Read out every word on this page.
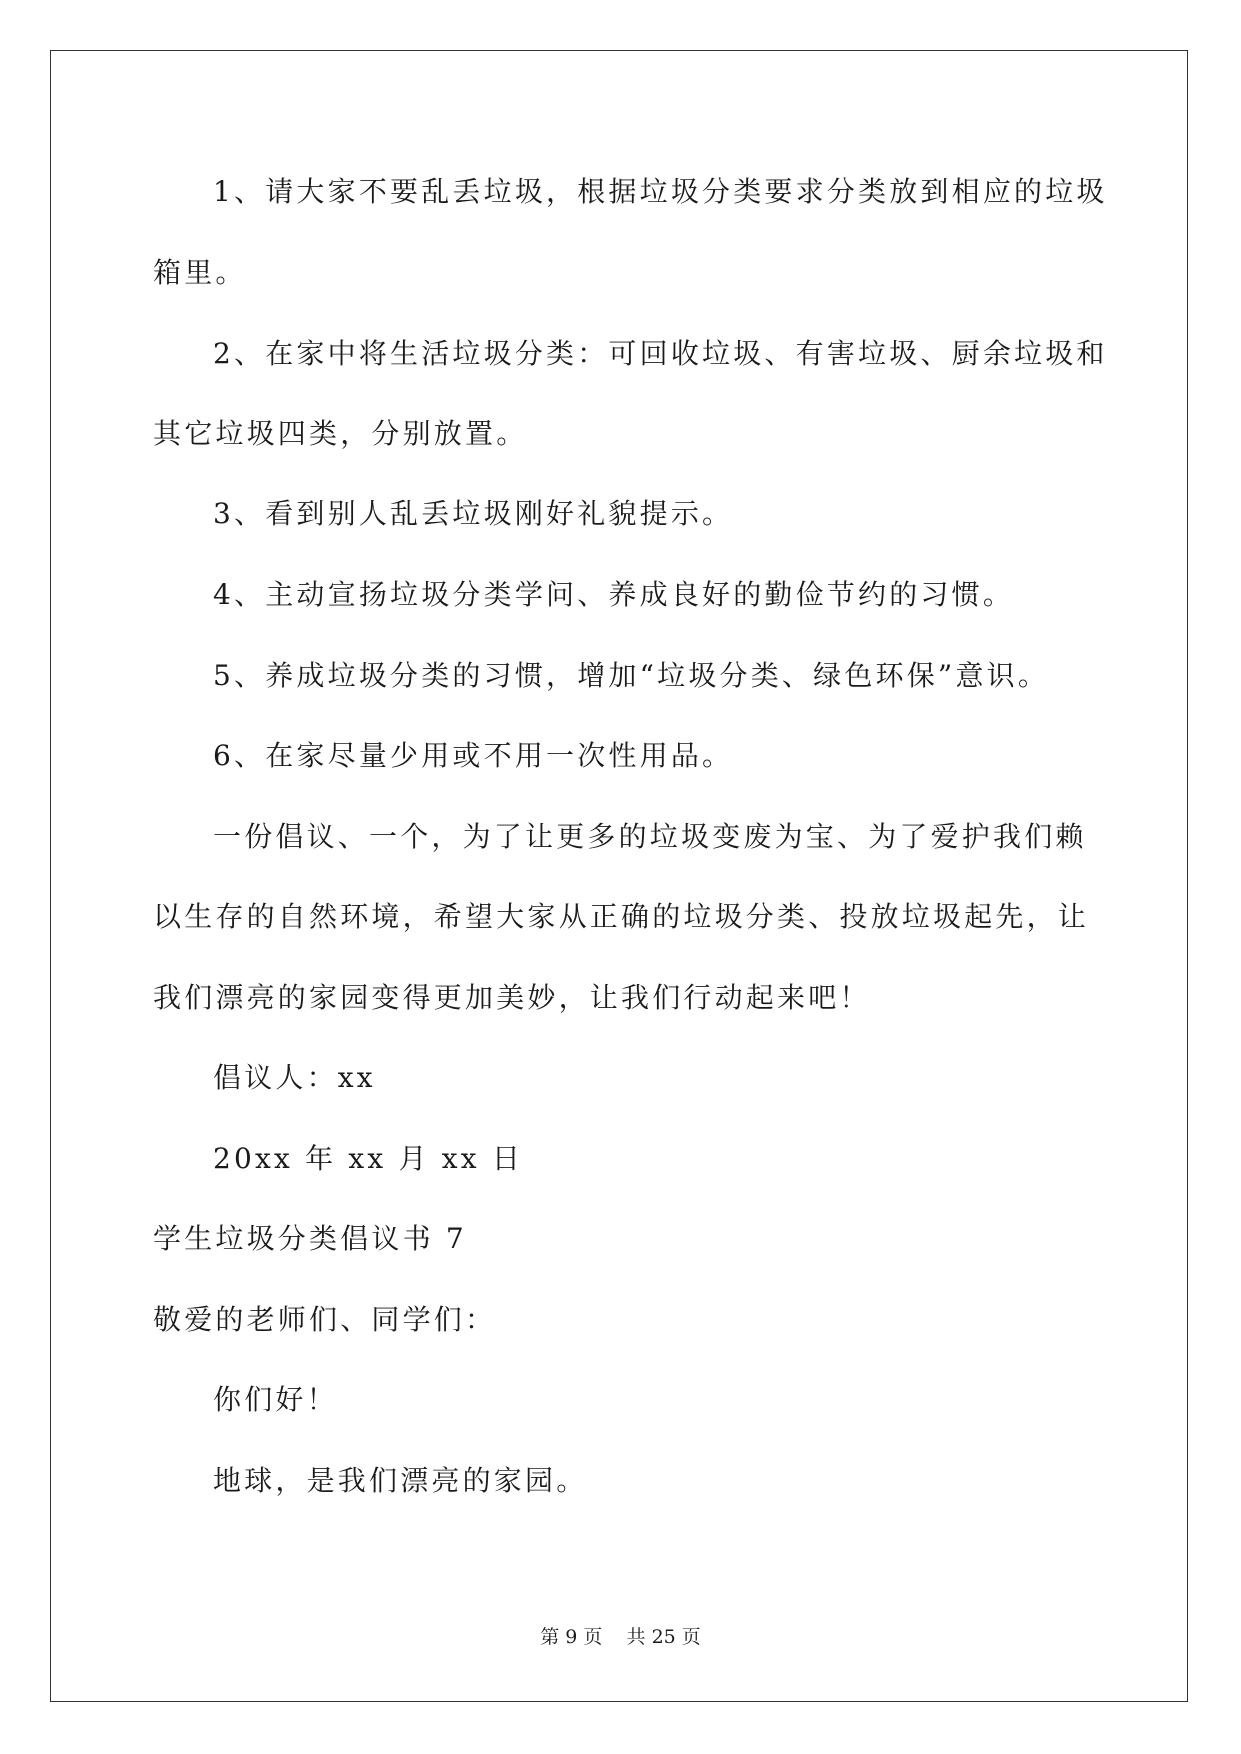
1、请大家不要乱丢垃圾，根据垃圾分类要求分类放到相应的垃圾
箱里。
2、在家中将生活垃圾分类：可回收垃圾、有害垃圾、厨余垃圾和
其它垃圾四类，分别放置。
3、看到别人乱丢垃圾刚好礼貌提示。
4、主动宣扬垃圾分类学问、养成良好的勤俭节约的习惯。
5、养成垃圾分类的习惯，增加“垃圾分类、绿色环保”意识。
6、在家尽量少用或不用一次性用品。
一份倡议、一个，为了让更多的垃圾变废为宝、为了爱护我们赖
以生存的自然环境，希望大家从正确的垃圾分类、投放垃圾起先，让
我们漂亮的家园变得更加美妙，让我们行动起来吧！
倡议人：xx
20xx 年 xx 月 xx 日
学生垃圾分类倡议书 7
敬爱的老师们、同学们：
你们好！
地球，是我们漂亮的家园。
第 9 页    共 25 页
